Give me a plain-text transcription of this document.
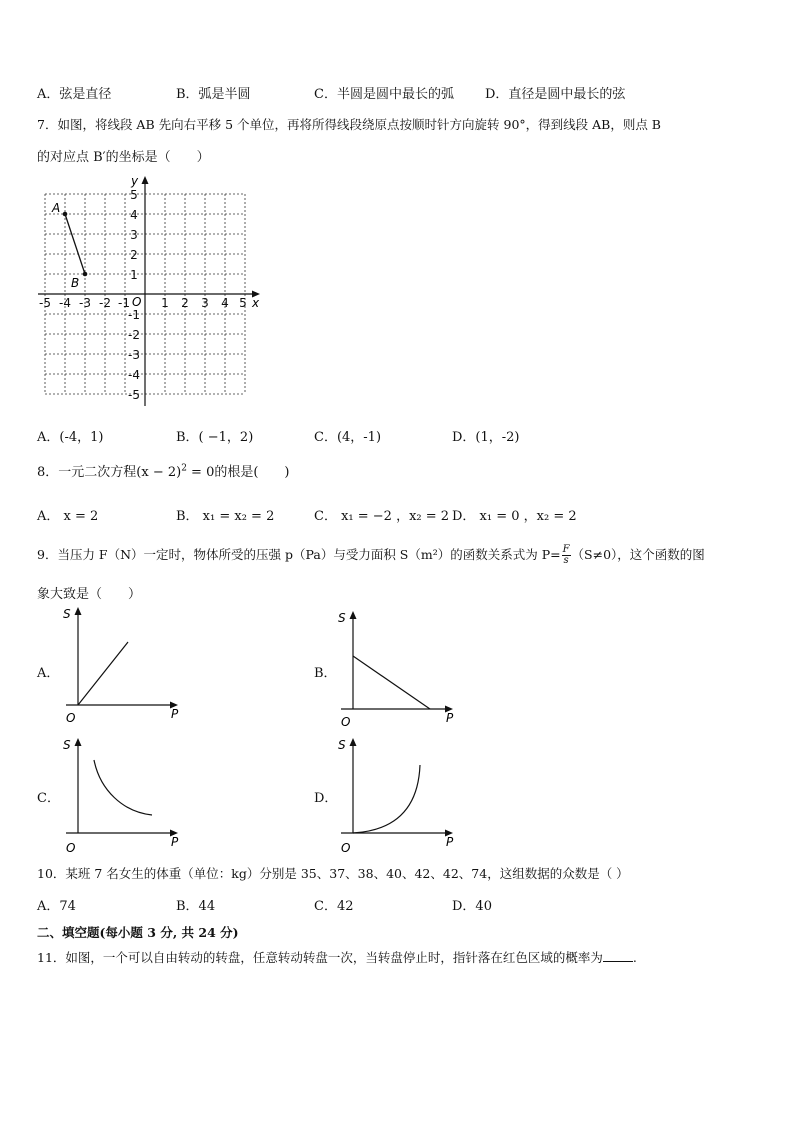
A．弦是直径	B．弧是半圆	C．半圆是圆中最长的弧 D．直径是圆中最长的弦
7．如图，将线段 AB 先向右平移 5 个单位，再将所得线段绕原点按顺时针方向旋转 90°，得到线段 AB，则点 B
的对应点 B′的坐标是（　　）
x
y
O
-5 -4 -3 -2 -1	1 2 3 4 5
5
4
3
2
1
-1
-2
-3
-4
-5
A
B
A．(-4，1)	B．( −1，2)	C．(4，-1)	D．(1，-2)
8．一元二次方程$(x - 2)^2 = 0$的根是(　　)
A． x = 2	B． x₁ = x₂ = 2	C． x₁ = −2 ，x₂ = 2 D． x₁ = 0 ，x₂ = 2
9．当压力 F（N）一定时，物体所受的压强 p（Pa）与受力面积 S（m²）的函数关系式为 $P= \frac{F}{s} (S\ne 0)$，这个函数的图
象大致是（　　）
A．	B．
C．	D．
S
P
O
S
P
O
S
P
O
S
P
O
10．某班 7 名女生的体重（单位：kg）分别是 35、37、38、40、42、42、74，这组数据的众数是（ ）
A．74	B．44	C．42	D．40
二、填空题(每小题 3 分, 共 24 分)
11．如图，一个可以自由转动的转盘，任意转动转盘一次，当转盘停止时，指针落在红色区域的概率为 .
